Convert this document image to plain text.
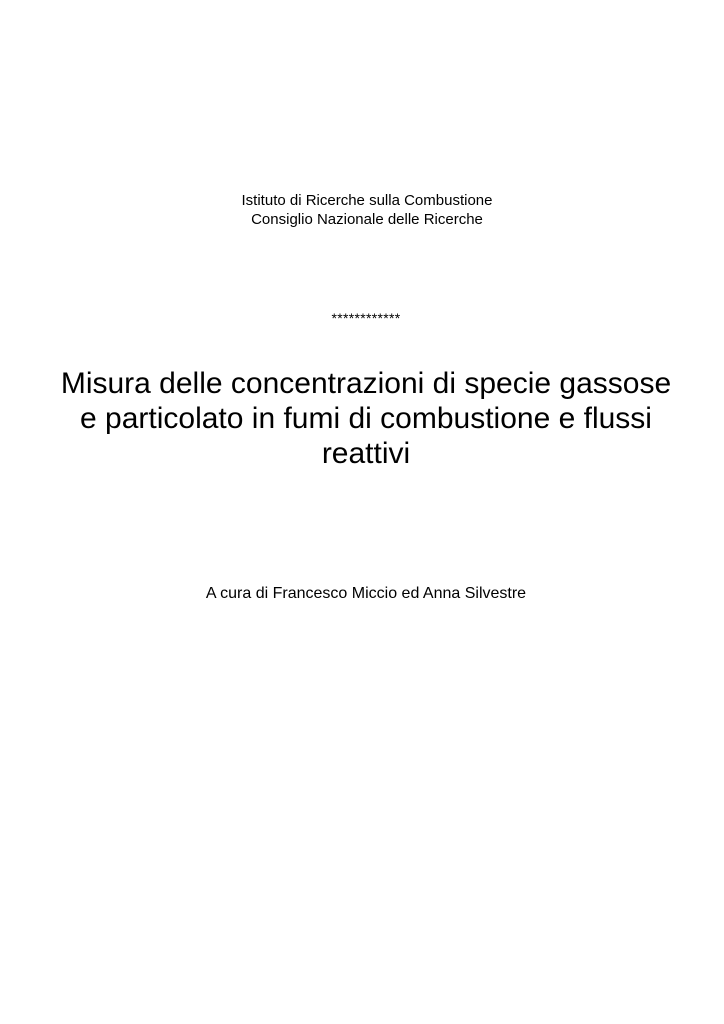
Istituto di Ricerche sulla Combustione
Consiglio Nazionale delle Ricerche
************
Misura delle concentrazioni di specie gassose
e particolato in fumi di combustione e flussi
reattivi
A cura di Francesco Miccio ed Anna Silvestre
